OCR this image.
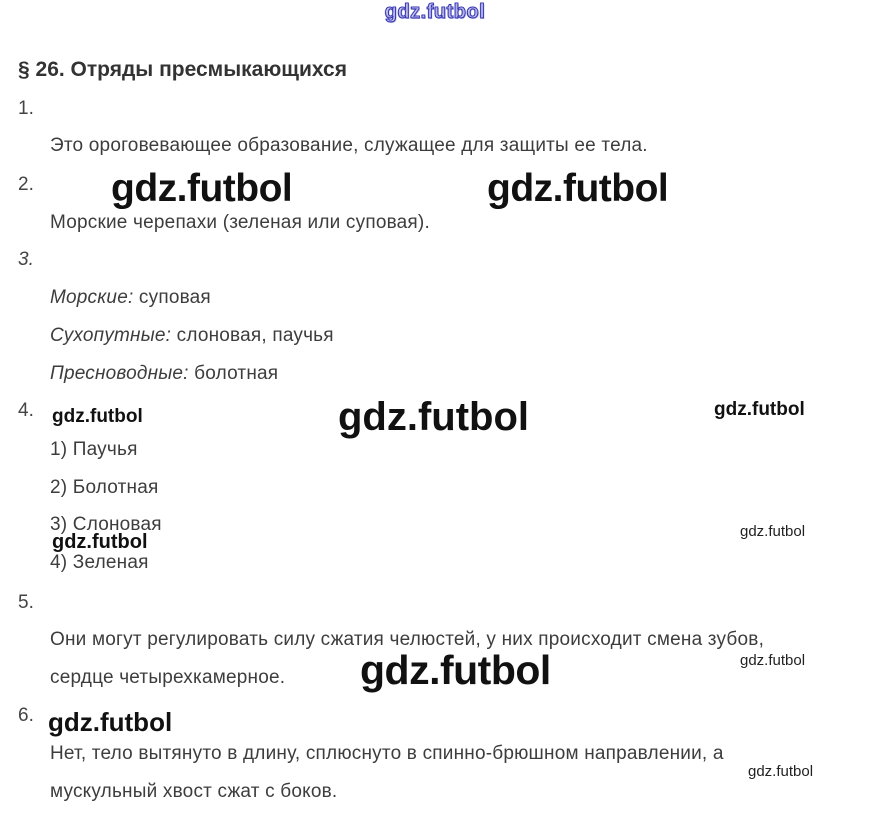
gdz.futbol
§ 26. Отряды пресмыкающихся
1.
Это ороговевающее образование, служащее для защиты ее тела.
2. gdz.futbol	gdz.futbol
Морские черепахи (зеленая или суповая).
3.
Морские: суповая
Сухопутные: слоновая, паучья
Пресноводные: болотная
4. gdz.futbol	gdz.futbol	gdz.futbol
1) Паучья
2) Болотная
3) Слоновая
gdz.futbol	gdz.futbol
4) Зеленая
5.
Они могут регулировать силу сжатия челюстей, у них происходит смена зубов,
gdz.futbol	gdz.futbol
сердце четырехкамерное.
6. gdz.futbol
Нет, тело вытянуто в длину, сплюснуто в спинно-брюшном направлении, а
gdz.futbol
мускульный хвост сжат с боков.
